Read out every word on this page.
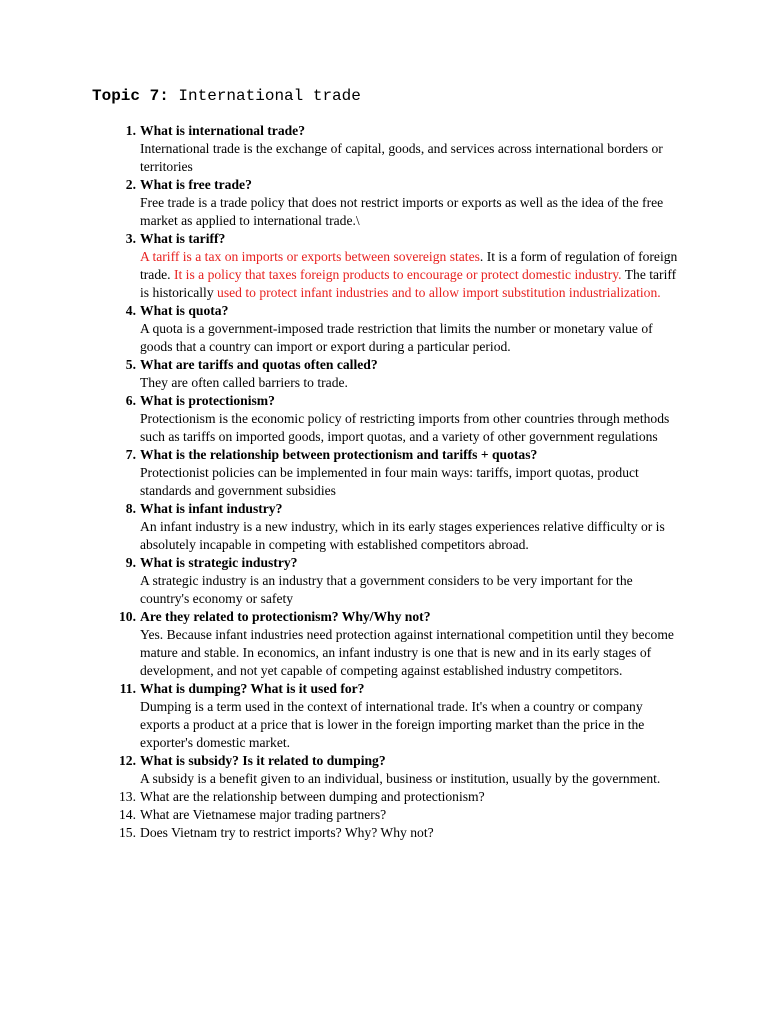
Topic 7: International trade
1. What is international trade?
International trade is the exchange of capital, goods, and services across international borders or territories
2. What is free trade?
Free trade is a trade policy that does not restrict imports or exports as well as the idea of the free market as applied to international trade.\
3. What is tariff?
A tariff is a tax on imports or exports between sovereign states. It is a form of regulation of foreign trade. It is a policy that taxes foreign products to encourage or protect domestic industry. The tariff is historically used to protect infant industries and to allow import substitution industrialization.
4. What is quota?
A quota is a government-imposed trade restriction that limits the number or monetary value of goods that a country can import or export during a particular period.
5. What are tariffs and quotas often called?
They are often called barriers to trade.
6. What is protectionism?
Protectionism is the economic policy of restricting imports from other countries through methods such as tariffs on imported goods, import quotas, and a variety of other government regulations
7. What is the relationship between protectionism and tariffs + quotas?
Protectionist policies can be implemented in four main ways: tariffs, import quotas, product standards and government subsidies
8. What is infant industry?
An infant industry is a new industry, which in its early stages experiences relative difficulty or is absolutely incapable in competing with established competitors abroad.
9. What is strategic industry?
A strategic industry is an industry that a government considers to be very important for the country's economy or safety
10. Are they related to protectionism? Why/Why not?
Yes. Because infant industries need protection against international competition until they become mature and stable. In economics, an infant industry is one that is new and in its early stages of development, and not yet capable of competing against established industry competitors.
11. What is dumping? What is it used for?
Dumping is a term used in the context of international trade. It's when a country or company exports a product at a price that is lower in the foreign importing market than the price in the exporter's domestic market.
12. What is subsidy? Is it related to dumping?
A subsidy is a benefit given to an individual, business or institution, usually by the government.
13. What are the relationship between dumping and protectionism?
14. What are Vietnamese major trading partners?
15. Does Vietnam try to restrict imports? Why? Why not?
